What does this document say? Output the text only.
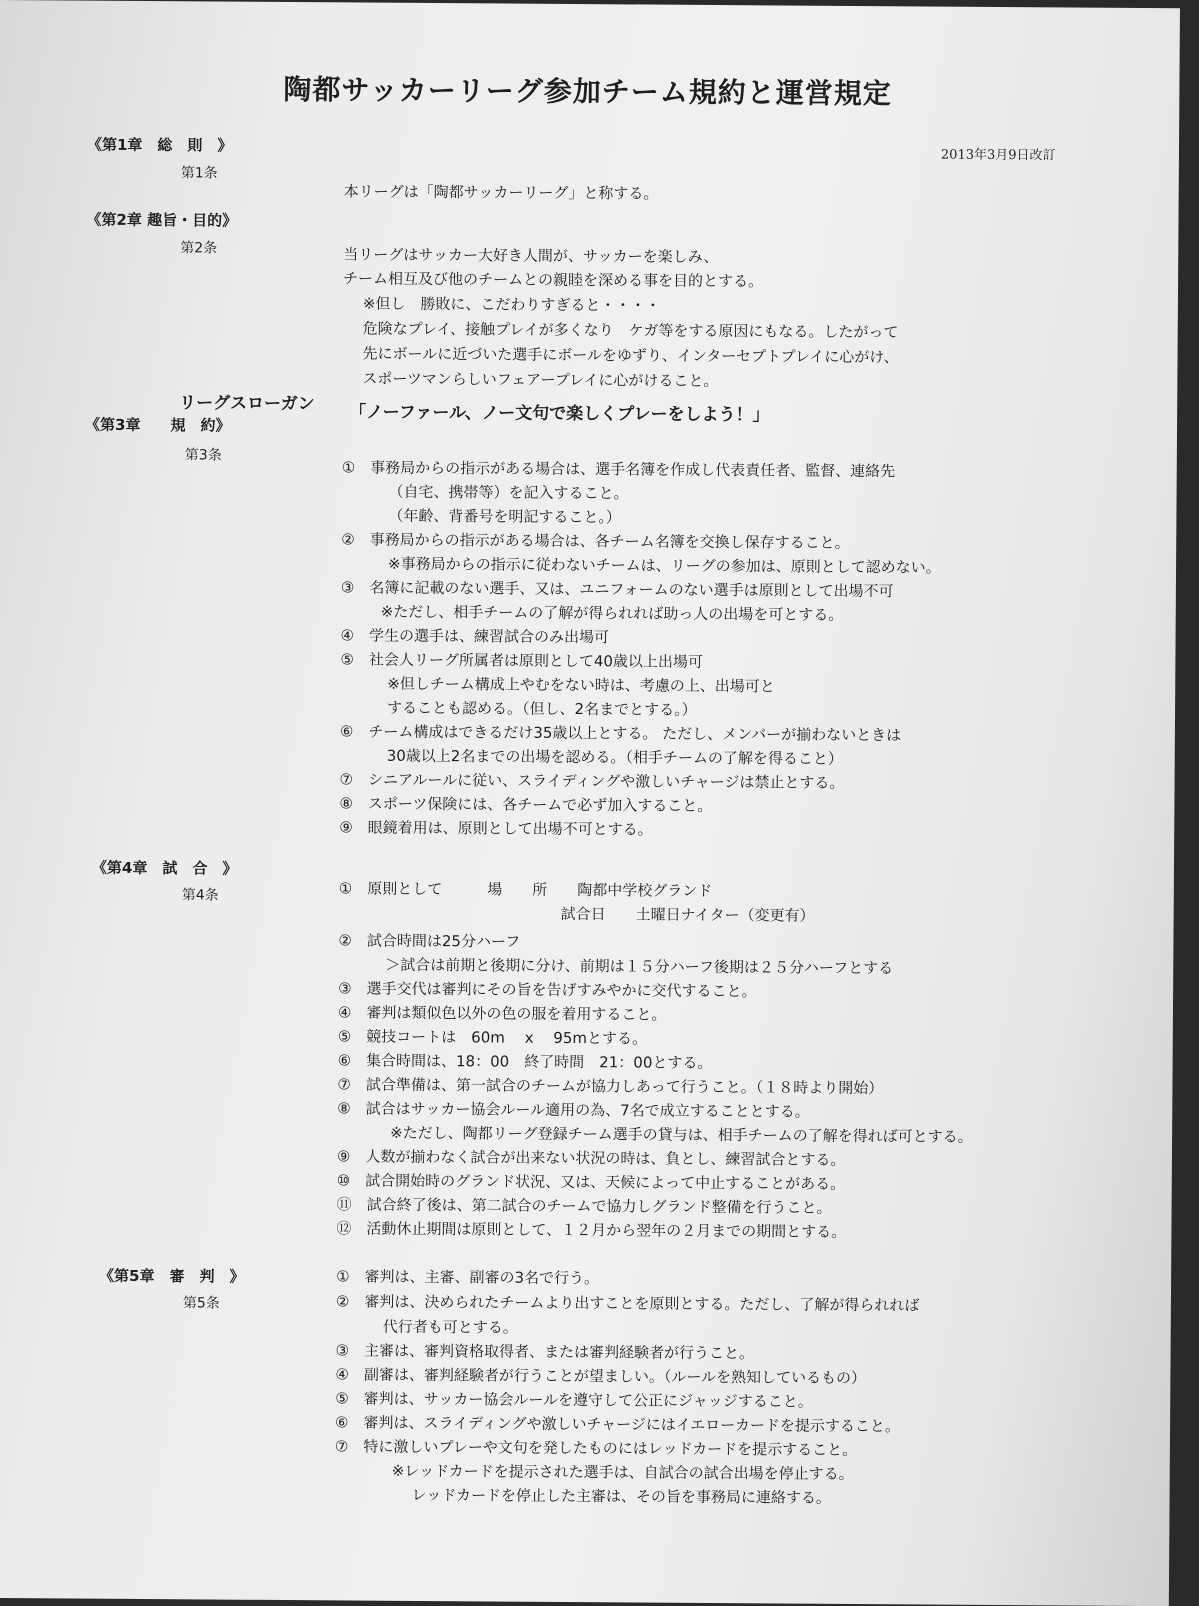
陶都サッカーリーグ参加チーム規約と運営規定
2013年3月9日改訂
《第1章　総　則　》
第1条
本リーグは「陶都サッカーリーグ」と称する。
《第2章 趣旨・目的》
第2条	当リーグはサッカー大好き人間が、サッカーを楽しみ、
チーム相互及び他のチームとの親睦を深める事を目的とする。
※但し　勝敗に、こだわりすぎると・・・・
危険なプレイ、接触プレイが多くなり　ケガ等をする原因にもなる。したがって
先にボールに近づいた選手にボールをゆずり、インターセプトプレイに心がけ、
スポーツマンらしいフェアープレイに心がけること。
リーグスローガン 「ノーファール、ノー文句で楽しくプレーをしよう！」
《第3章　　規　約》
第3条
①　事務局からの指示がある場合は、選手名簿を作成し代表責任者、監督、連絡先
（自宅、携帯等）を記入すること。
（年齢、背番号を明記すること。）
②　事務局からの指示がある場合は、各チーム名簿を交換し保存すること。
※事務局からの指示に従わないチームは、リーグの参加は、原則として認めない。
③　名簿に記載のない選手、又は、ユニフォームのない選手は原則として出場不可
※ただし、相手チームの了解が得られれば助っ人の出場を可とする。
④　学生の選手は、練習試合のみ出場可
⑤　社会人リーグ所属者は原則として40歳以上出場可
※但しチーム構成上やむをない時は、考慮の上、出場可と
することも認める。（但し、2名までとする。）
⑥　チーム構成はできるだけ35歳以上とする。 ただし、メンバーが揃わないときは
30歳以上2名までの出場を認める。（相手チームの了解を得ること）
⑦　シニアルールに従い、スライディングや激しいチャージは禁止とする。
⑧　スポーツ保険には、各チームで必ず加入すること。
⑨　眼鏡着用は、原則として出場不可とする。
《第4章　試　合　》
第4条	①　原則として　　　場　　所　　陶都中学校グランド
試合日　　土曜日ナイター（変更有）
②　試合時間は25分ハーフ
＞試合は前期と後期に分け、前期は１５分ハーフ後期は２５分ハーフとする
③　選手交代は審判にその旨を告げすみやかに交代すること。
④　審判は類似色以外の色の服を着用すること。
⑤　競技コートは　60m　 x　 95mとする。
⑥　集合時間は、18：00　終了時間　21：00とする。
⑦　試合準備は、第一試合のチームが協力しあって行うこと。（１８時より開始）
⑧　試合はサッカー協会ルール適用の為、7名で成立することとする。
※ただし、陶都リーグ登録チーム選手の貸与は、相手チームの了解を得れば可とする。
⑨　人数が揃わなく試合が出来ない状況の時は、負とし、練習試合とする。
⑩　試合開始時のグランド状況、又は、天候によって中止することがある。
⑪　試合終了後は、第二試合のチームで協力しグランド整備を行うこと。
⑫　活動休止期間は原則として、１２月から翌年の２月までの期間とする。
《第5章　審　判　》
第5条
①　審判は、主審、副審の3名で行う。
②　審判は、決められたチームより出すことを原則とする。ただし、了解が得られれば
代行者も可とする。
③　主審は、審判資格取得者、または審判経験者が行うこと。
④　副審は、審判経験者が行うことが望ましい。（ルールを熟知しているもの）
⑤　審判は、サッカー協会ルールを遵守して公正にジャッジすること。
⑥　審判は、スライディングや激しいチャージにはイエローカードを提示すること。
⑦　特に激しいプレーや文句を発したものにはレッドカードを提示すること。
※レッドカードを提示された選手は、自試合の試合出場を停止する。
レッドカードを停止した主審は、その旨を事務局に連絡する。
